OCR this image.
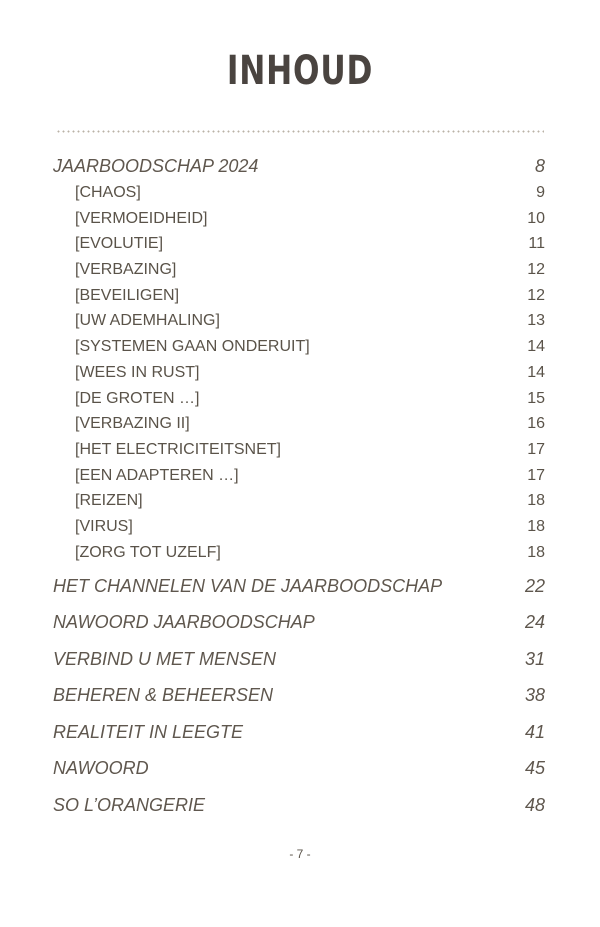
INHOUD
JAARBOODSCHAP 2024	8
[CHAOS]	9
[VERMOEIDHEID]	10
[EVOLUTIE]	11
[VERBAZING]	12
[BEVEILIGEN]	12
[UW ADEMHALING]	13
[SYSTEMEN GAAN ONDERUIT]	14
[WEES IN RUST]	14
[DE GROTEN …]	15
[VERBAZING II]	16
[HET ELECTRICITEITSNET]	17
[EEN ADAPTEREN …]	17
[REIZEN]	18
[VIRUS]	18
[ZORG TOT UZELF]	18
HET CHANNELEN VAN DE JAARBOODSCHAP	22
NAWOORD JAARBOODSCHAP	24
VERBIND U MET MENSEN	31
BEHEREN & BEHEERSEN	38
REALITEIT IN LEEGTE	41
NAWOORD	45
SO L’ORANGERIE	48
- 7 -
